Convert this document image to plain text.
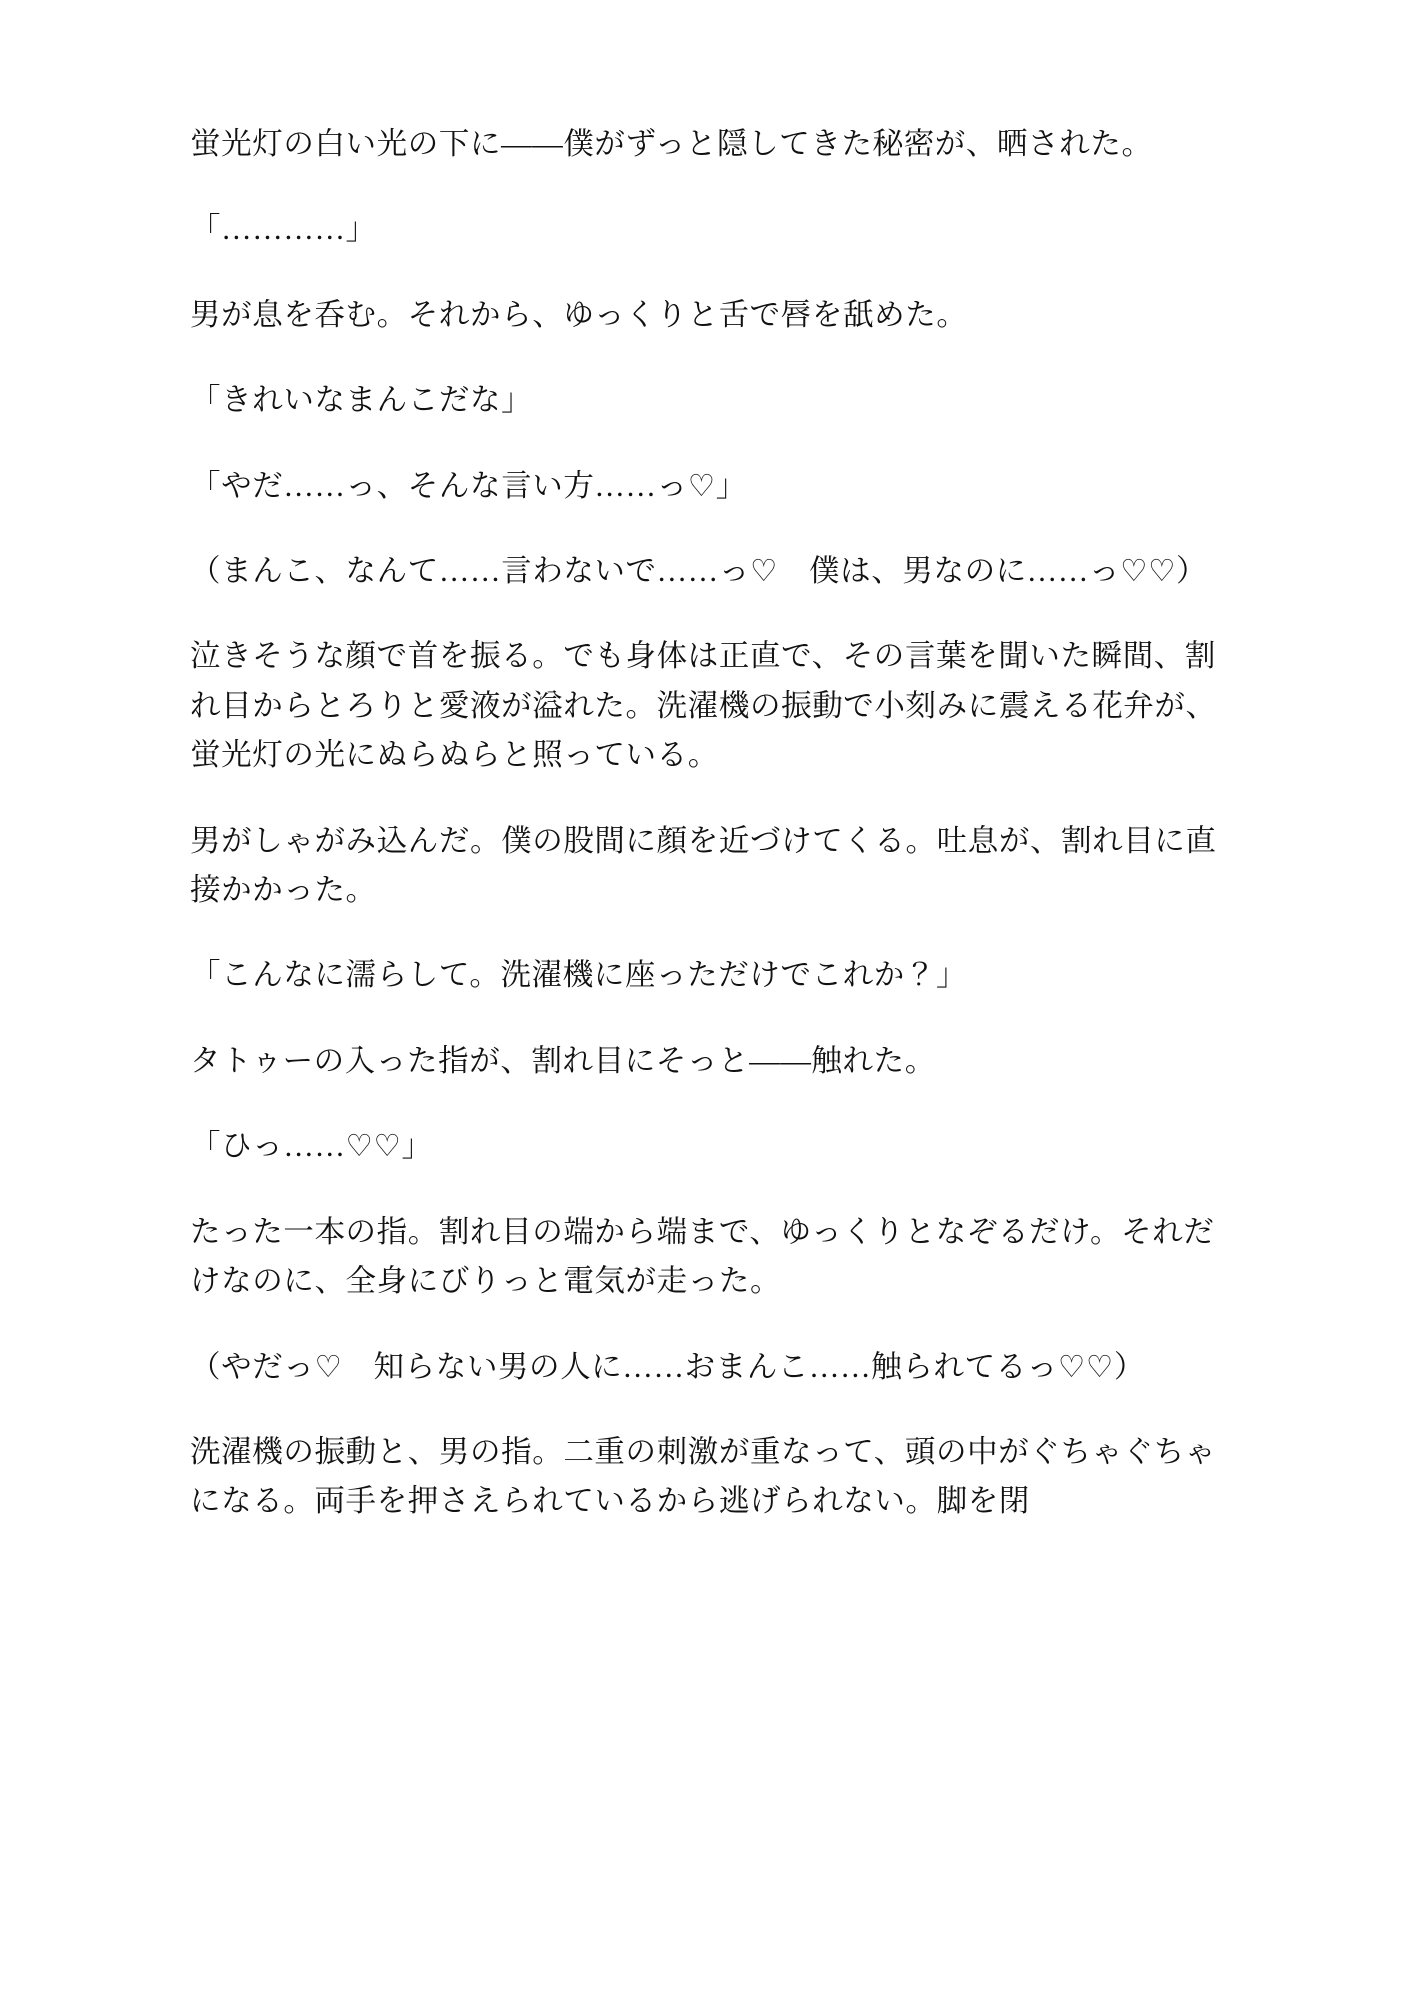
蛍光灯の白い光の下に――僕がずっと隠してきた秘密が、晒された。

「…………」

男が息を呑む。それから、ゆっくりと舌で唇を舐めた。

「きれいなまんこだな」

「やだ……っ、そんな言い方……っ♡」

（まんこ、なんて……言わないで……っ♡　僕は、男なのに……っ♡♡）

泣きそうな顔で首を振る。でも身体は正直で、その言葉を聞いた瞬間、割れ目からとろりと愛液が溢れた。洗濯機の振動で小刻みに震える花弁が、蛍光灯の光にぬらぬらと照っている。

男がしゃがみ込んだ。僕の股間に顔を近づけてくる。吐息が、割れ目に直接かかった。

「こんなに濡らして。洗濯機に座っただけでこれか？」

タトゥーの入った指が、割れ目にそっと――触れた。

「ひっ……♡♡」

たった一本の指。割れ目の端から端まで、ゆっくりとなぞるだけ。それだけなのに、全身にびりっと電気が走った。

（やだっ♡　知らない男の人に……おまんこ……触られてるっ♡♡）

洗濯機の振動と、男の指。二重の刺激が重なって、頭の中がぐちゃぐちゃになる。両手を押さえられているから逃げられない。脚を閉
